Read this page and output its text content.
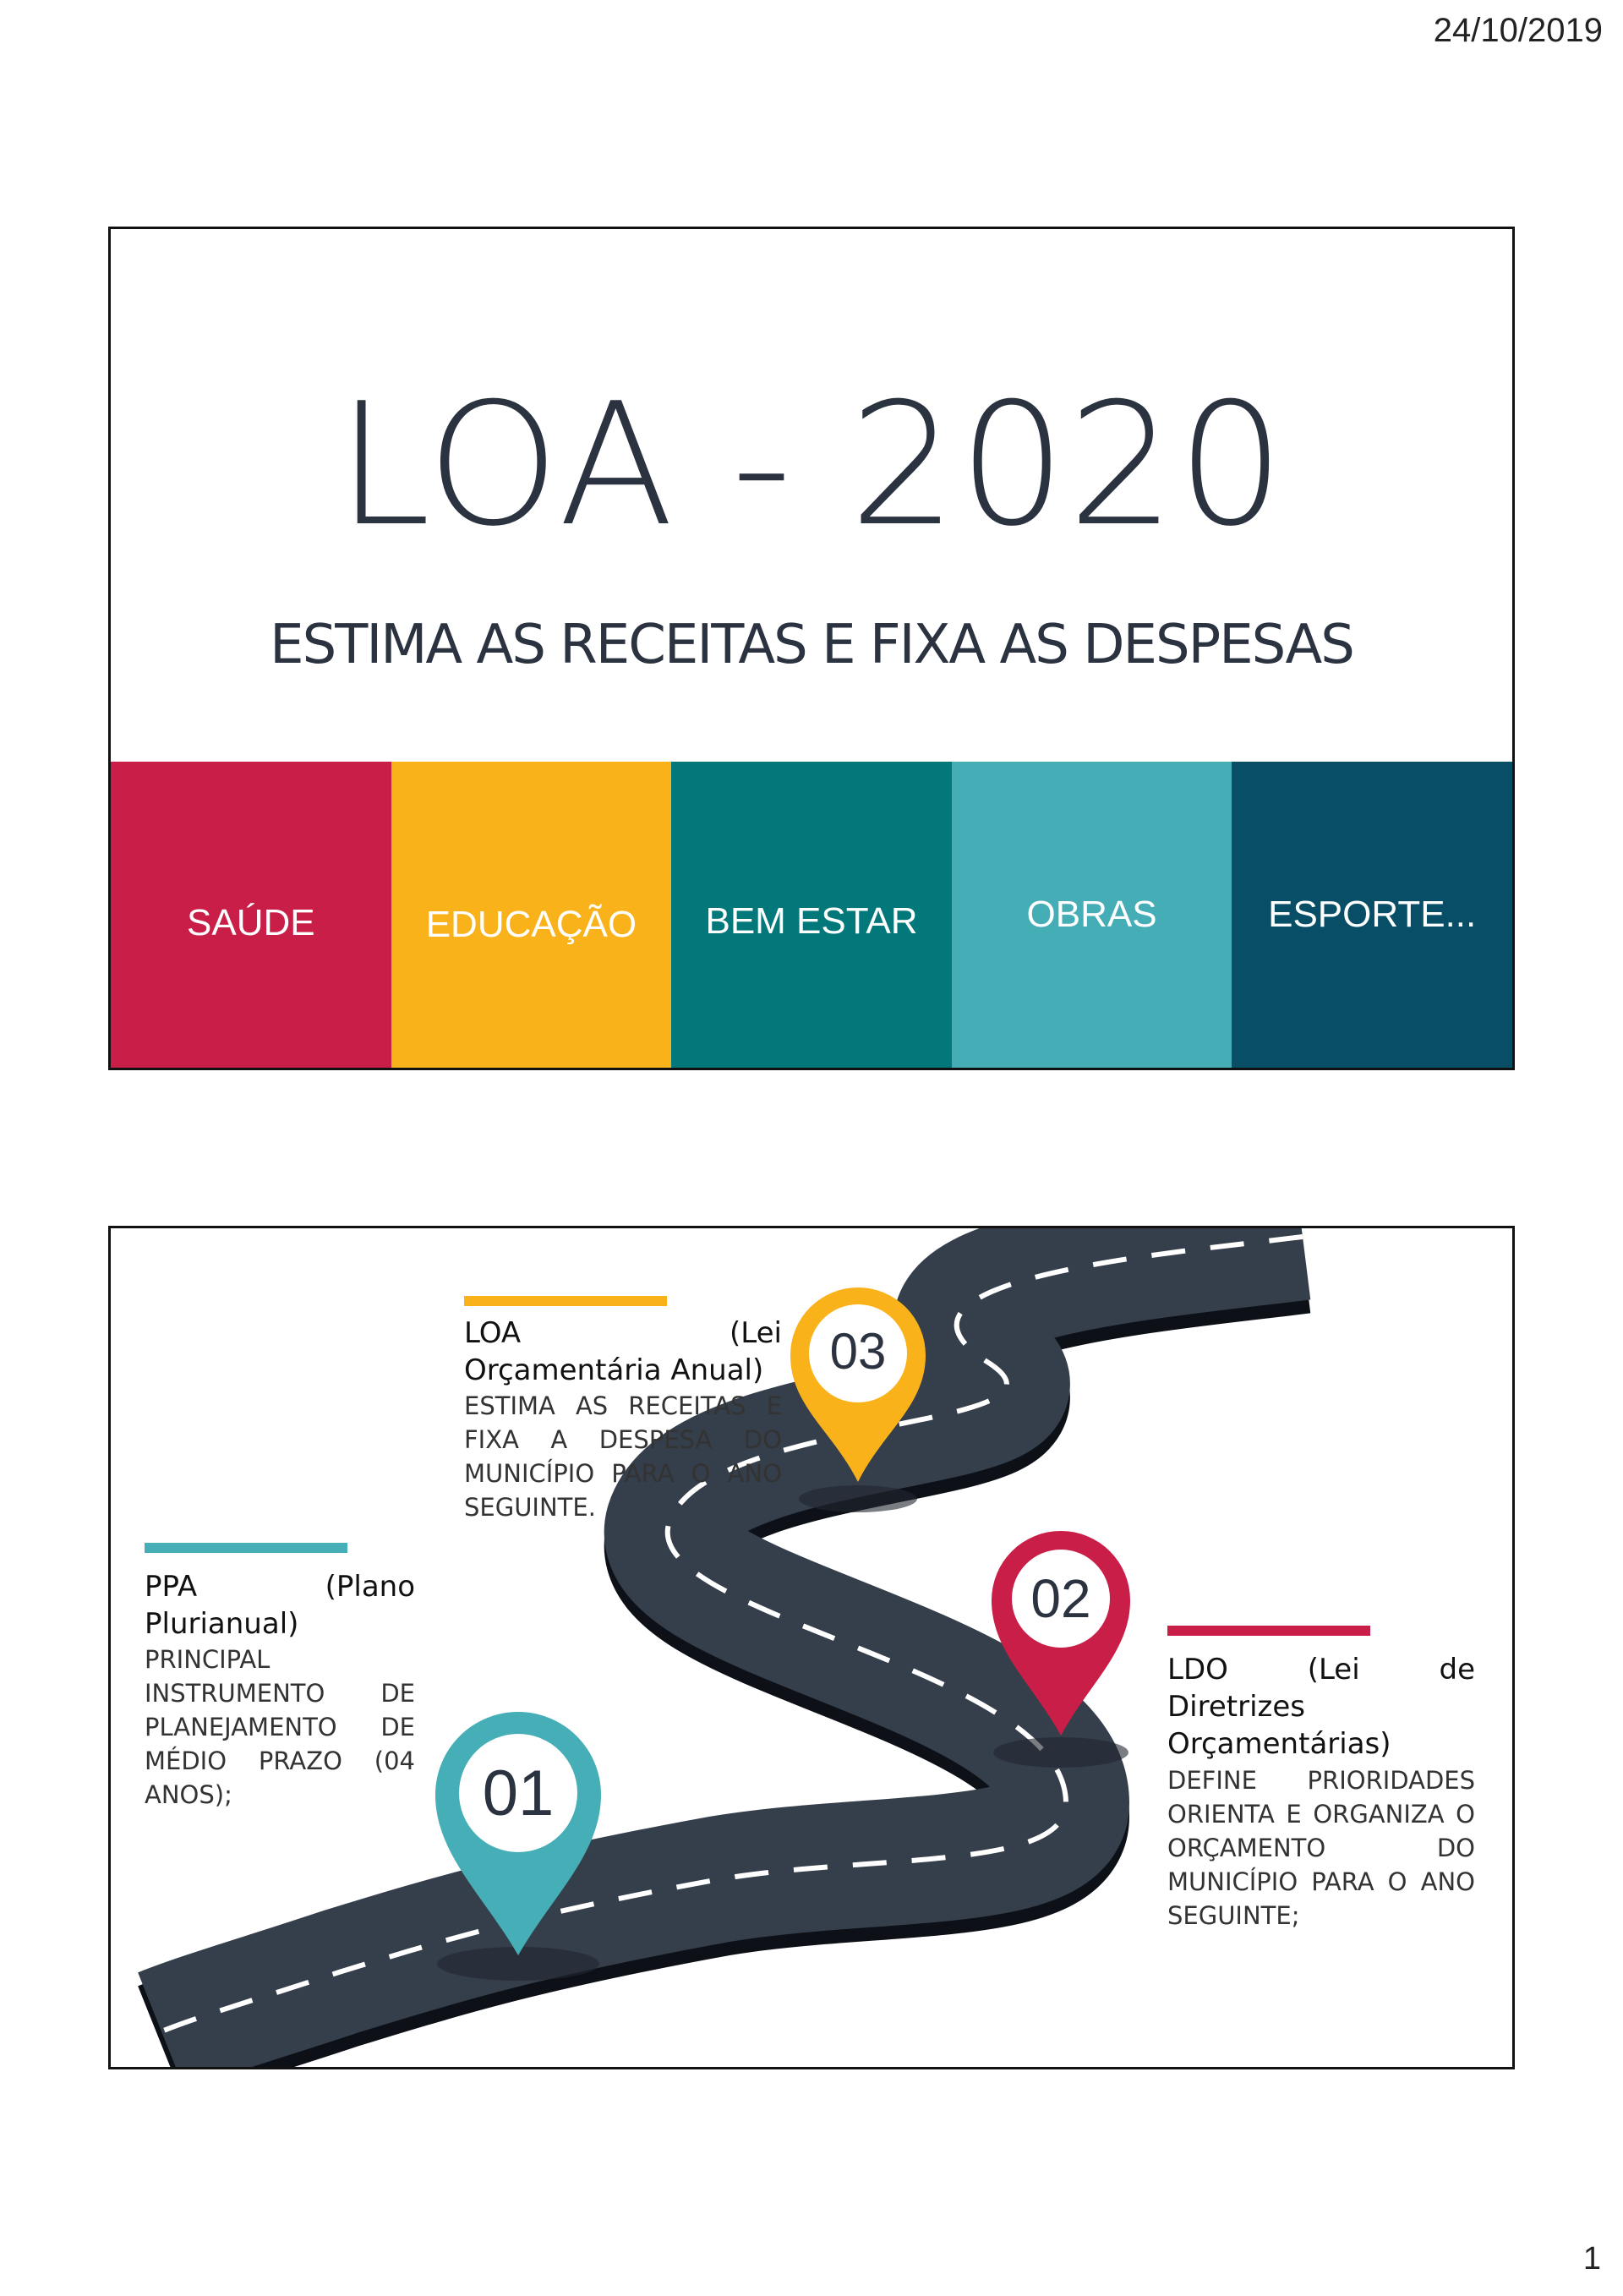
24/10/2019
LOA - 2020
ESTIMA AS RECEITAS E FIXA AS DESPESAS
SAÚDE	EDUCAÇÃO	BEM ESTAR	OBRAS	ESPORTE...
03
02
01
LOA (Lei Orçamentária Anual)
ESTIMA AS RECEITAS E FIXA A DESPESA DO MUNICÍPIO PARA O ANO SEGUINTE.
PPA (Plano Plurianual)
PRINCIPAL INSTRUMENTO DE PLANEJAMENTO DE MÉDIO PRAZO (04 ANOS);
LDO (Lei de Diretrizes Orçamentárias)
DEFINE PRIORIDADES ORIENTA E ORGANIZA O ORÇAMENTO DO MUNICÍPIO PARA O ANO SEGUINTE;
1
